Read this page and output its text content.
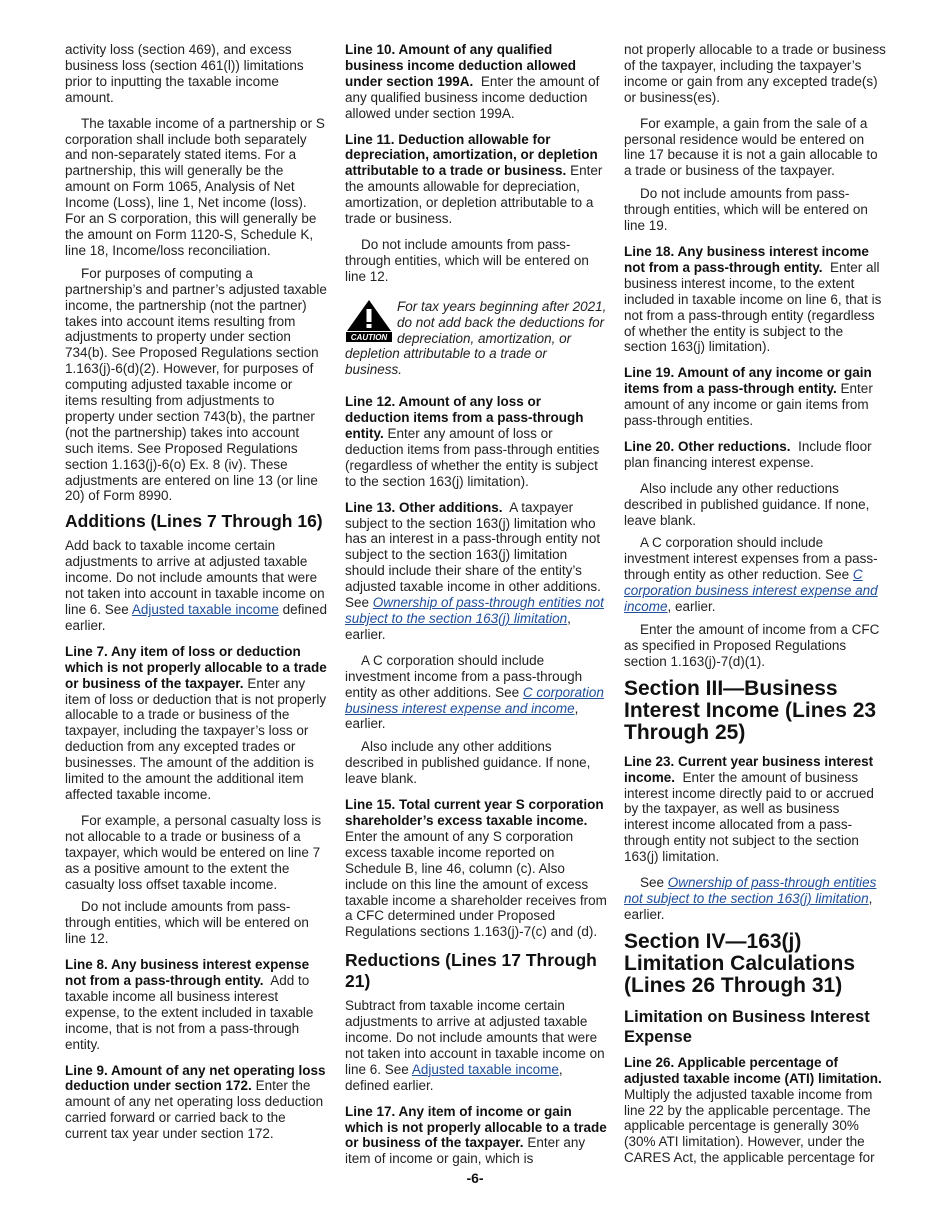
activity loss (section 469), and excess business loss (section 461(l)) limitations prior to inputting the taxable income amount.

The taxable income of a partnership or S corporation shall include both separately and non-separately stated items. For a partnership, this will generally be the amount on Form 1065, Analysis of Net Income (Loss), line 1, Net income (loss). For an S corporation, this will generally be the amount on Form 1120-S, Schedule K, line 18, Income/loss reconciliation.

For purposes of computing a partnership’s and partner’s adjusted taxable income, the partnership (not the partner) takes into account items resulting from adjustments to property under section 734(b). See Proposed Regulations section 1.163(j)-6(d)(2). However, for purposes of computing adjusted taxable income or items resulting from adjustments to property under section 743(b), the partner (not the partnership) takes into account such items. See Proposed Regulations section 1.163(j)-6(o) Ex. 8 (iv). These adjustments are entered on line 13 (or line 20) of Form 8990.

Additions (Lines 7 Through 16)

Add back to taxable income certain adjustments to arrive at adjusted taxable income. Do not include amounts that were not taken into account in taxable income on line 6. See Adjusted taxable income defined earlier.

Line 7. Any item of loss or deduction which is not properly allocable to a trade or business of the taxpayer. Enter any item of loss or deduction that is not properly allocable to a trade or business of the taxpayer, including the taxpayer’s loss or deduction from any excepted trades or businesses. The amount of the addition is limited to the amount the additional item affected taxable income.

For example, a personal casualty loss is not allocable to a trade or business of a taxpayer, which would be entered on line 7 as a positive amount to the extent the casualty loss offset taxable income.

Do not include amounts from pass-through entities, which will be entered on line 12.

Line 8. Any business interest expense not from a pass-through entity. Add to taxable income all business interest expense, to the extent included in taxable income, that is not from a pass-through entity.

Line 9. Amount of any net operating loss deduction under section 172. Enter the amount of any net operating loss deduction carried forward or carried back to the current tax year under section 172.

Line 10. Amount of any qualified business income deduction allowed under section 199A. Enter the amount of any qualified business income deduction allowed under section 199A.

Line 11. Deduction allowable for depreciation, amortization, or depletion attributable to a trade or business. Enter the amounts allowable for depreciation, amortization, or depletion attributable to a trade or business.

Do not include amounts from pass-through entities, which will be entered on line 12.

CAUTION
For tax years beginning after 2021, do not add back the deductions for depreciation, amortization, or depletion attributable to a trade or business.

Line 12. Amount of any loss or deduction items from a pass-through entity. Enter any amount of loss or deduction items from pass-through entities (regardless of whether the entity is subject to the section 163(j) limitation).

Line 13. Other additions. A taxpayer subject to the section 163(j) limitation who has an interest in a pass-through entity not subject to the section 163(j) limitation should include their share of the entity’s adjusted taxable income in other additions. See Ownership of pass-through entities not subject to the section 163(j) limitation, earlier.

A C corporation should include investment income from a pass-through entity as other additions. See C corporation business interest expense and income, earlier.

Also include any other additions described in published guidance. If none, leave blank.

Line 15. Total current year S corporation shareholder’s excess taxable income.  Enter the amount of any S corporation excess taxable income reported on Schedule B, line 46, column (c). Also include on this line the amount of excess taxable income a shareholder receives from a CFC determined under Proposed Regulations sections 1.163(j)-7(c) and (d).

Reductions (Lines 17 Through 21)

Subtract from taxable income certain adjustments to arrive at adjusted taxable income. Do not include amounts that were not taken into account in taxable income on line 6. See Adjusted taxable income, defined earlier.

Line 17. Any item of income or gain which is not properly allocable to a trade or business of the taxpayer. Enter any item of income or gain, which is

not properly allocable to a trade or business of the taxpayer, including the taxpayer’s income or gain from any excepted trade(s) or business(es).

For example, a gain from the sale of a personal residence would be entered on line 17 because it is not a gain allocable to a trade or business of the taxpayer.

Do not include amounts from pass-through entities, which will be entered on line 19.

Line 18. Any business interest income not from a pass-through entity. Enter all business interest income, to the extent included in taxable income on line 6, that is not from a pass-through entity (regardless of whether the entity is subject to the section 163(j) limitation).

Line 19. Amount of any income or gain items from a pass-through entity. Enter amount of any income or gain items from pass-through entities.

Line 20. Other reductions. Include floor plan financing interest expense.

Also include any other reductions described in published guidance. If none, leave blank.

A C corporation should include investment interest expenses from a pass-through entity as other reduction. See C corporation business interest expense and income, earlier.

Enter the amount of income from a CFC as specified in Proposed Regulations section 1.163(j)-7(d)(1).

Section III—Business Interest Income (Lines 23 Through 25)

Line 23. Current year business interest income. Enter the amount of business interest income directly paid to or accrued by the taxpayer, as well as business interest income allocated from a pass-through entity not subject to the section 163(j) limitation.

See Ownership of pass-through entities not subject to the section 163(j) limitation, earlier.

Section IV—163(j) Limitation Calculations (Lines 26 Through 31)
Limitation on Business Interest Expense

Line 26. Applicable percentage of adjusted taxable income (ATI) limitation. Multiply the adjusted taxable income from line 22 by the applicable percentage. The applicable percentage is generally 30% (30% ATI limitation). However, under the CARES Act, the applicable percentage for

-6-
